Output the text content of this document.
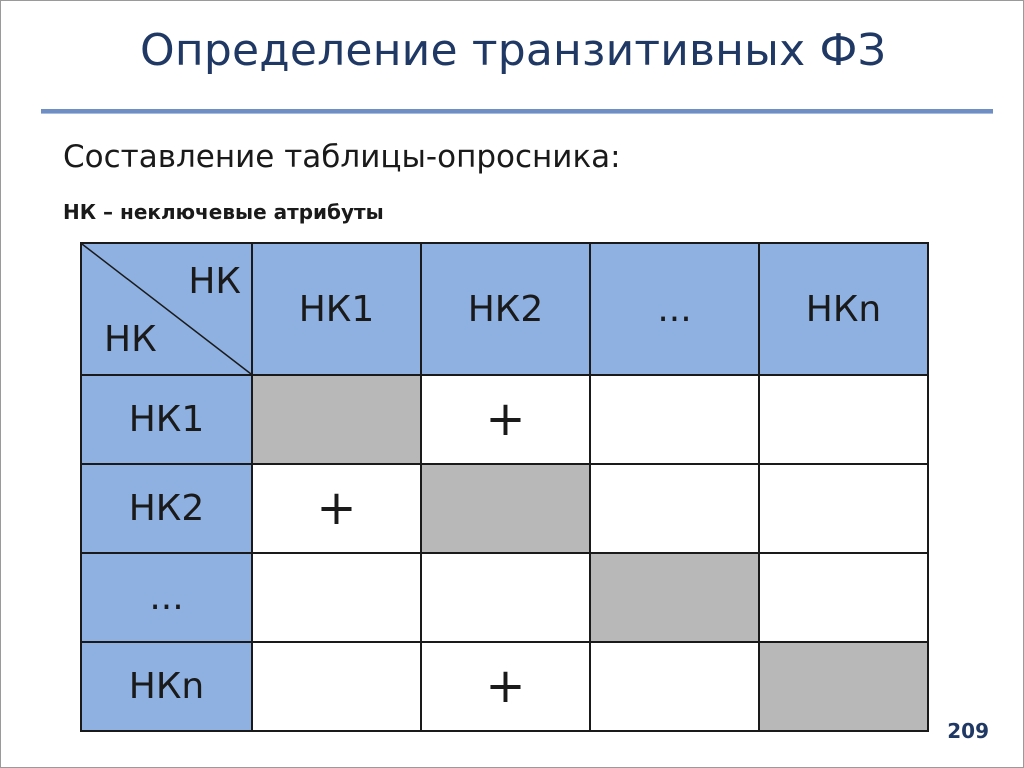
Определение транзитивных ФЗ
Составление таблицы-опросника:
НК – неключевые атрибуты
НК
НК	НК1	НК2	...	НКn
НК1		+		
НК2	+			
...				
НКn		+		
209
